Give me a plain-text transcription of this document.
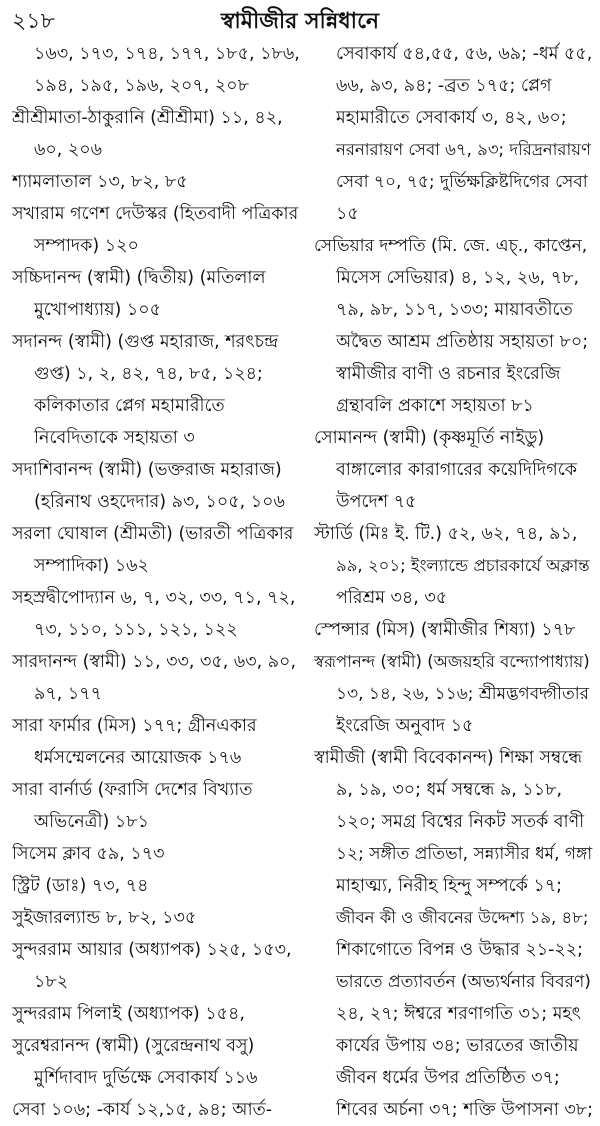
২১৮	স্বামীজীর সন্নিধানে
১৬৩, ১৭৩, ১৭৪, ১৭৭, ১৮৫, ১৮৬,
১৯৪, ১৯৫, ১৯৬, ২০৭, ২০৮
শ্রীশ্রীমাতা-ঠাকুরানি (শ্রীশ্রীমা) ১১, ৪২,
৬০, ২০৬
শ্যামলাতাল ১৩, ৮২, ৮৫
সখারাম গণেশ দেউস্কর (হিতবাদী পত্রিকার
সম্পাদক) ১২০
সচ্চিদানন্দ (স্বামী) (দ্বিতীয়) (মতিলাল
মুখোপাধ্যায়) ১০৫
সদানন্দ (স্বামী) (গুপ্ত মহারাজ, শরৎচন্দ্র
গুপ্ত) ১, ২, ৪২, ৭৪, ৮৫, ১২৪;
কলিকাতার প্লেগ মহামারীতে
নিবেদিতাকে সহায়তা ৩
সদাশিবানন্দ (স্বামী) (ভক্তরাজ মহারাজ)
(হরিনাথ ওহদেদার) ৯৩, ১০৫, ১০৬
সরলা ঘোষাল (শ্রীমতী) (ভারতী পত্রিকার
সম্পাদিকা) ১৬২
সহস্রদ্বীপোদ্যান ৬, ৭, ৩২, ৩৩, ৭১, ৭২,
৭৩, ১১০, ১১১, ১২১, ১২২
সারদানন্দ (স্বামী) ১১, ৩৩, ৩৫, ৬৩, ৯০,
৯৭, ১৭৭
সারা ফার্মার (মিস) ১৭৭; গ্রীনএকার
ধর্মসম্মেলনের আয়োজক ১৭৬
সারা বার্নার্ড (ফরাসি দেশের বিখ্যাত
অভিনেত্রী) ১৮১
সিসেম ক্লাব ৫৯, ১৭৩
স্ট্রিট (ডাঃ) ৭৩, ৭৪
সুইজারল্যান্ড ৮, ৮২, ১৩৫
সুন্দররাম আয়ার (অধ্যাপক) ১২৫, ১৫৩,
১৮২
সুন্দররাম পিলাই (অধ্যাপক) ১৫৪,
সুরেশ্বরানন্দ (স্বামী) (সুরেন্দ্রনাথ বসু)
মুর্শিদাবাদ দুর্ভিক্ষে সেবাকার্য ১১৬
সেবা ১০৬; -কার্য ১২,১৫, ৯৪; আর্ত-
সেবাকার্য ৫৪,৫৫, ৫৬, ৬৯; -ধর্ম ৫৫,
৬৬, ৯৩, ৯৪; -ব্রত ১৭৫; প্লেগ
মহামারীতে সেবাকার্য ৩, ৪২, ৬০;
নরনারায়ণ সেবা ৬৭, ৯৩; দরিদ্রনারায়ণ
সেবা ৭০, ৭৫; দুর্ভিক্ষক্লিষ্টদিগের সেবা
১৫
সেভিয়ার দম্পতি (মি. জে. এচ্., কাপ্তেন,
মিসেস সেভিয়ার) ৪, ১২, ২৬, ৭৮,
৭৯, ৯৮, ১১৭, ১৩৩; মায়াবতীতে
অদ্বৈত আশ্রম প্রতিষ্ঠায় সহায়তা ৮০;
স্বামীজীর বাণী ও রচনার ইংরেজি
গ্রন্থাবলি প্রকাশে সহায়তা ৮১
সোমানন্দ (স্বামী) (কৃষ্ণমূর্তি নাইডু)
বাঙ্গালোর কারাগারের কয়েদিদিগকে
উপদেশ ৭৫
স্টার্ডি (মিঃ ই. টি.) ৫২, ৬২, ৭৪, ৯১,
৯৯, ২০১; ইংল্যান্ডে প্রচারকার্যে অক্লান্ত
পরিশ্রম ৩৪, ৩৫
স্পেন্সার (মিস) (স্বামীজীর শিষ্যা) ১৭৮
স্বরূপানন্দ (স্বামী) (অজয়হরি বন্দ্যোপাধ্যায়)
১৩, ১৪, ২৬, ১১৬; শ্রীমদ্ভগবদ্গীতার
ইংরেজি অনুবাদ ১৫
স্বামীজী (স্বামী বিবেকানন্দ) শিক্ষা সম্বন্ধে
৯, ১৯, ৩০; ধর্ম সম্বন্ধে ৯, ১১৮,
১২০; সমগ্র বিশ্বের নিকট সতর্ক বাণী
১২; সঙ্গীত প্রতিভা, সন্ন্যাসীর ধর্ম, গঙ্গা
মাহাত্ম্য, নিরীহ হিন্দু সম্পর্কে ১৭;
জীবন কী ও জীবনের উদ্দেশ্য ১৯, ৪৮;
শিকাগোতে বিপন্ন ও উদ্ধার ২১-২২;
ভারতে প্রত্যাবর্তন (অভ্যর্থনার বিবরণ)
২৪, ২৭; ঈশ্বরে শরণাগতি ৩১; মহৎ
কার্যের উপায় ৩৪; ভারতের জাতীয়
জীবন ধর্মের উপর প্রতিষ্ঠিত ৩৭;
শিবের অর্চনা ৩৭; শক্তি উপাসনা ৩৮;
